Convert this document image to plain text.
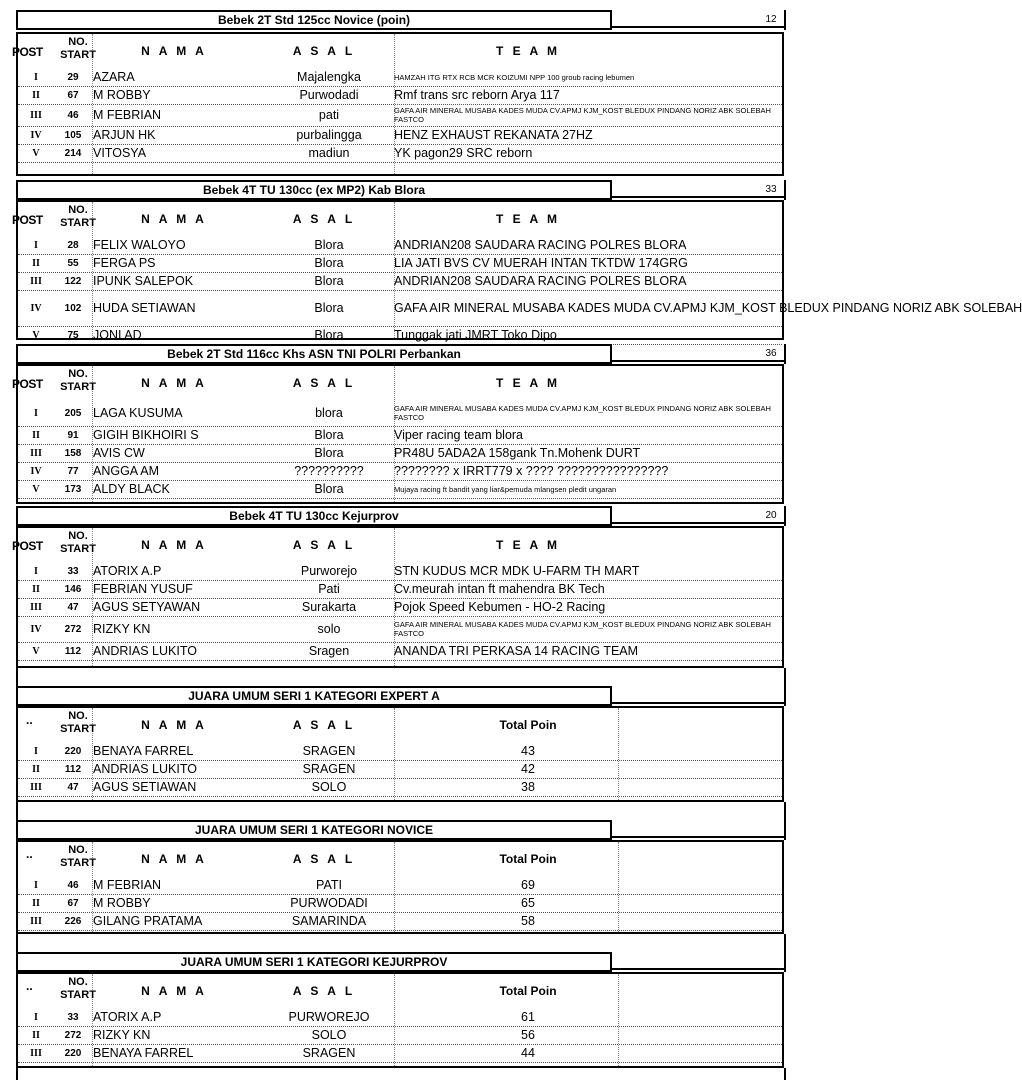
Bebek 2T Std 125cc Novice (poin)	12
POST
NO. START	N A M A	A S A L	T E A M
I	29	AZARA	Majalengka	HAMZAH ITG RTX RCB MCR KOIZUMI NPP 100 groub racing lebumen
II	67	M ROBBY	Purwodadi	Rmf trans src reborn Arya 117
III	46	M FEBRIAN	pati	GAFA AIR MINERAL MUSABA KADES MUDA CV.APMJ KJM_KOST BLEDUX PINDANG NORIZ ABK SOLEBAH FASTCO
IV	105 ARJUN HK	purbalingga	HENZ EXHAUST REKANATA 27HZ
V	214 VITOSYA	madiun	YK pagon29 SRC reborn
Bebek 4T TU 130cc (ex MP2) Kab Blora	33
POST
NO. START	N A M A	A S A L	T E A M
I	28	FELIX WALOYO	Blora	ANDRIAN208 SAUDARA RACING POLRES BLORA
II	55	FERGA PS	Blora	LIA JATI BVS CV MUERAH INTAN TKTDW 174GRG
III	122 IPUNK SALEPOK	Blora	ANDRIAN208 SAUDARA RACING POLRES BLORA
IV	102 HUDA SETIAWAN	Blora	GAFA AIR MINERAL MUSABA KADES MUDA CV.APMJ KJM_KOST BLEDUX PINDANG NORIZ ABK SOLEBAH
V	75	JONI AD	Blora	Tunggak jati JMRT Toko Dipo
Bebek 2T Std 116cc Khs ASN TNI POLRI Perbankan	36
POST
NO. START	N A M A	A S A L	T E A M
I	205 LAGA KUSUMA	blora	GAFA AIR MINERAL MUSABA KADES MUDA CV.APMJ KJM_KOST BLEDUX PINDANG NORIZ ABK SOLEBAH FASTCO
II	91	GIGIH BIKHOIRI S	Blora	Viper racing team blora
III	158 AVIS CW	Blora	PR48U 5ADA2A 158gank Tn.Mohenk DURT
IV	77	ANGGA AM	??????????	???????? x IRRT779 x ???? ????????????????
V	173 ALDY BLACK	Blora	Mujaya racing ft bandit yang liar&pemuda mlangsen pledit ungaran
Bebek 4T TU 130cc Kejurprov	20
POST
NO. START	N A M A	A S A L	T E A M
I	33	ATORIX A.P	Purworejo	STN KUDUS MCR MDK U-FARM TH MART
II	146 FEBRIAN YUSUF	Pati	Cv.meurah intan ft mahendra BK Tech
III	47	AGUS SETYAWAN	Surakarta	Pojok Speed Kebumen - HO-2 Racing
IV	272 RIZKY KN	solo	GAFA AIR MINERAL MUSABA KADES MUDA CV.APMJ KJM_KOST BLEDUX PINDANG NORIZ ABK SOLEBAH FASTCO
V	112 ANDRIAS LUKITO	Sragen	ANANDA TRI PERKASA 14 RACING TEAM
JUARA UMUM SERI 1 KATEGORI EXPERT A
..	NO. START	N A M A	A S A L	Total Poin
I	220 BENAYA FARREL	SRAGEN	43
II	112 ANDRIAS LUKITO	SRAGEN	42
III	47	AGUS SETIAWAN	SOLO	38
JUARA UMUM SERI 1 KATEGORI NOVICE
..	NO. START	N A M A	A S A L	Total Poin
I	46	M FEBRIAN	PATI	69
II	67	M ROBBY	PURWODADI	65
III	226 GILANG PRATAMA	SAMARINDA	58
JUARA UMUM SERI 1 KATEGORI KEJURPROV
..	NO. START	N A M A	A S A L	Total Poin
I	33	ATORIX A.P	PURWOREJO	61
II	272 RIZKY KN	SOLO	56
III	220 BENAYA FARREL	SRAGEN	44
